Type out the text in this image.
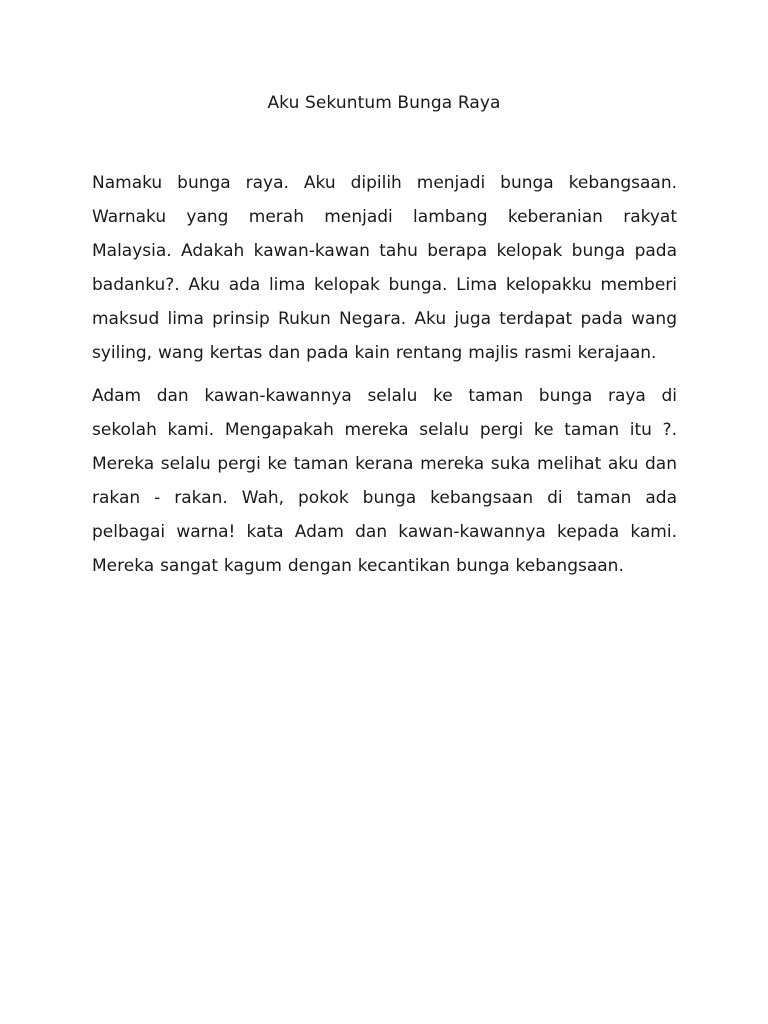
Aku Sekuntum Bunga Raya
Namaku bunga raya. Aku dipilih menjadi bunga kebangsaan.
Warnaku yang merah menjadi lambang keberanian rakyat
Malaysia. Adakah kawan-kawan tahu berapa kelopak bunga pada
badanku?. Aku ada lima kelopak bunga. Lima kelopakku memberi
maksud lima prinsip Rukun Negara. Aku juga terdapat pada wang
syiling, wang kertas dan pada kain rentang majlis rasmi kerajaan.
Adam dan kawan-kawannya selalu ke taman bunga raya di
sekolah kami. Mengapakah mereka selalu pergi ke taman itu ?.
Mereka selalu pergi ke taman kerana mereka suka melihat aku dan
rakan - rakan. Wah, pokok bunga kebangsaan di taman ada
pelbagai warna! kata Adam dan kawan-kawannya kepada kami.
Mereka sangat kagum dengan kecantikan bunga kebangsaan.
